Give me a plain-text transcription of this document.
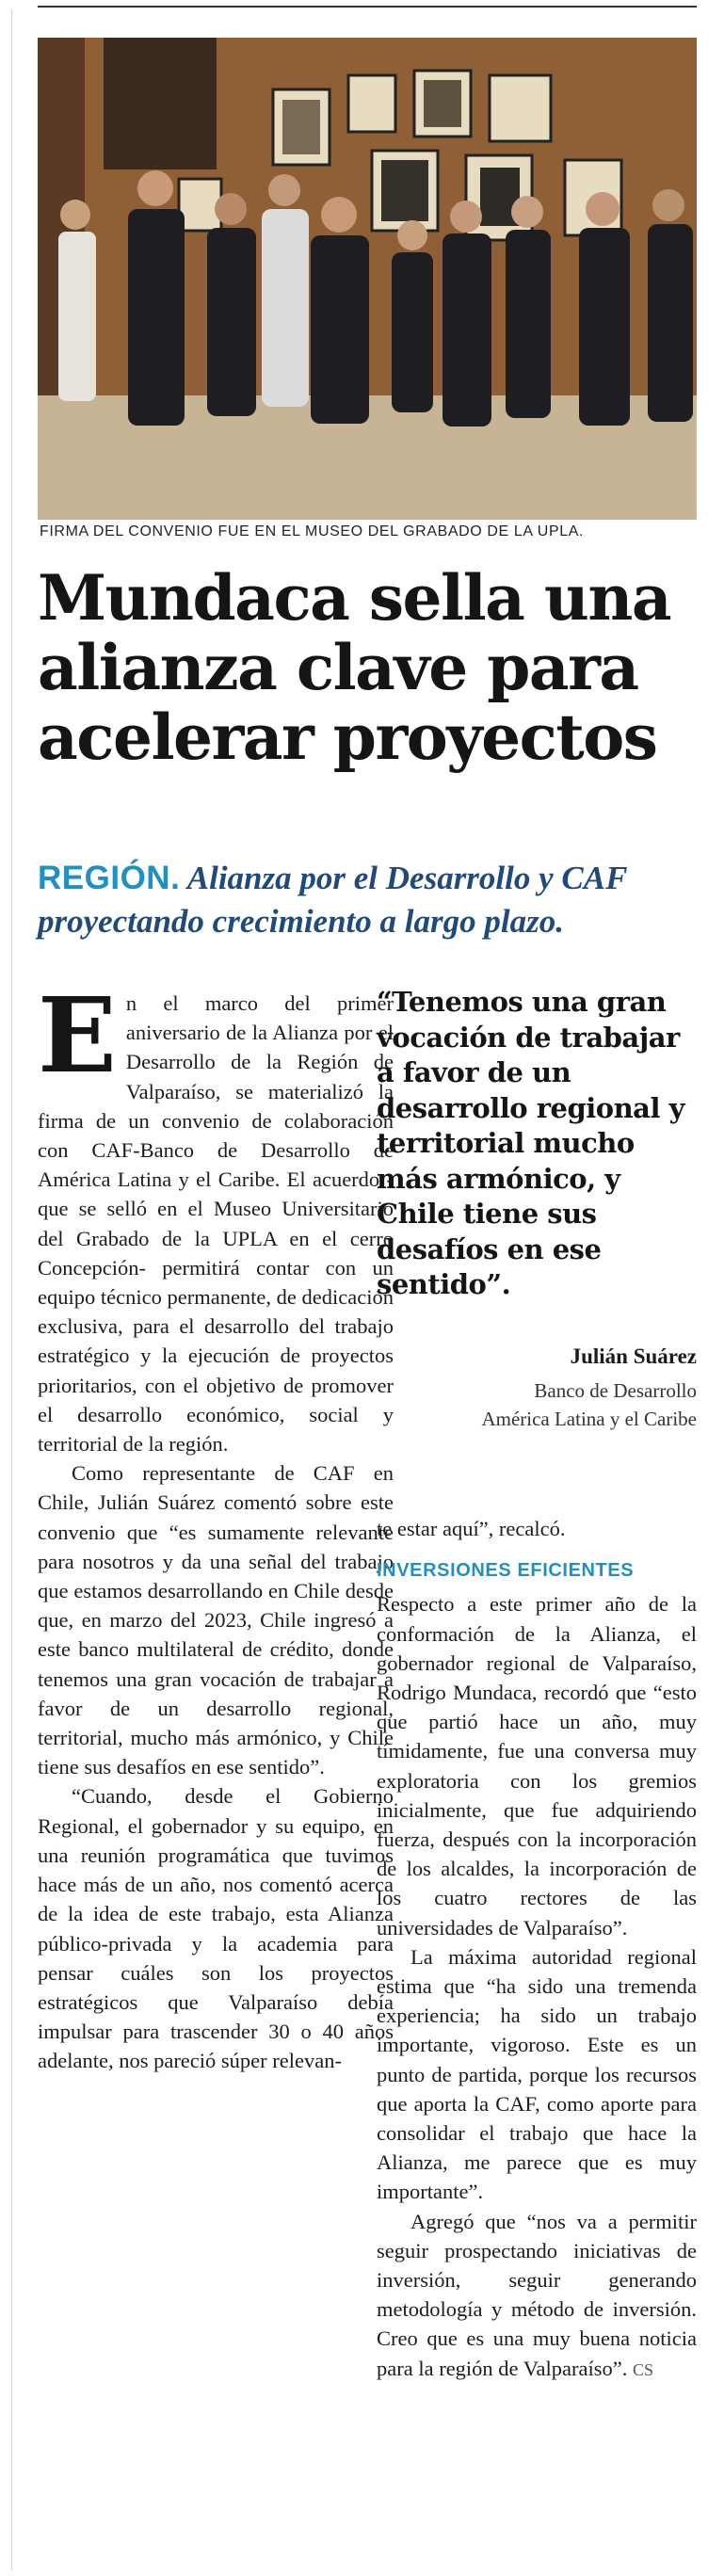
FIRMA DEL CONVENIO FUE EN EL MUSEO DEL GRABADO DE LA UPLA.
Mundaca sella una
alianza clave para
acelerar proyectos
REGIÓN. Alianza por el Desarrollo y CAF proyectando crecimiento a largo plazo.

En el marco del primer aniversario de la Alianza por el Desarrollo de la Región de Valparaíso, se materializó la firma de un convenio de colaboración con CAF-Banco de Desarrollo de América Latina y el Caribe. El acuerdo -que se selló en el Museo Universitario del Grabado de la UPLA en el cerro Concepción- permitirá contar con un equipo técnico permanente, de dedicación exclusiva, para el desarrollo del trabajo estratégico y la ejecución de proyectos prioritarios, con el objetivo de promover el desarrollo económico, social y territorial de la región.

Como representante de CAF en Chile, Julián Suárez comentó sobre este convenio que “es sumamente relevante para nosotros y da una señal del trabajo que estamos desarrollando en Chile desde que, en marzo del 2023, Chile ingresó a este banco multilateral de crédito, donde tenemos una gran vocación de trabajar a favor de un desarrollo regional, territorial, mucho más armónico, y Chile tiene sus desafíos en ese sentido”.

“Cuando, desde el Gobierno Regional, el gobernador y su equipo, en una reunión programática que tuvimos hace más de un año, nos comentó acerca de la idea de este trabajo, esta Alianza público-privada y la academia para pensar cuáles son los proyectos estratégicos que Valparaíso debía impulsar para trascender 30 o 40 años adelante, nos pareció súper relevan-

“Tenemos una gran vocación de trabajar a favor de un desarrollo regional y territorial mucho más armónico, y Chile tiene sus desafíos en ese sentido”.
Julián Suárez
Banco de Desarrollo
América Latina y el Caribe

te estar aquí”, recalcó.

INVERSIONES EFICIENTES

Respecto a este primer año de la conformación de la Alianza, el gobernador regional de Valparaíso, Rodrigo Mundaca, recordó que “esto que partió hace un año, muy tímidamente, fue una conversa muy exploratoria con los gremios inicialmente, que fue adquiriendo fuerza, después con la incorporación de los alcaldes, la incorporación de los cuatro rectores de las universidades de Valparaíso”.

La máxima autoridad regional estima que “ha sido una tremenda experiencia; ha sido un trabajo importante, vigoroso. Este es un punto de partida, porque los recursos que aporta la CAF, como aporte para consolidar el trabajo que hace la Alianza, me parece que es muy importante”.

Agregó que “nos va a permitir seguir prospectando iniciativas de inversión, seguir generando metodología y método de inversión. Creo que es una muy buena noticia para la región de Valparaíso”. CS
